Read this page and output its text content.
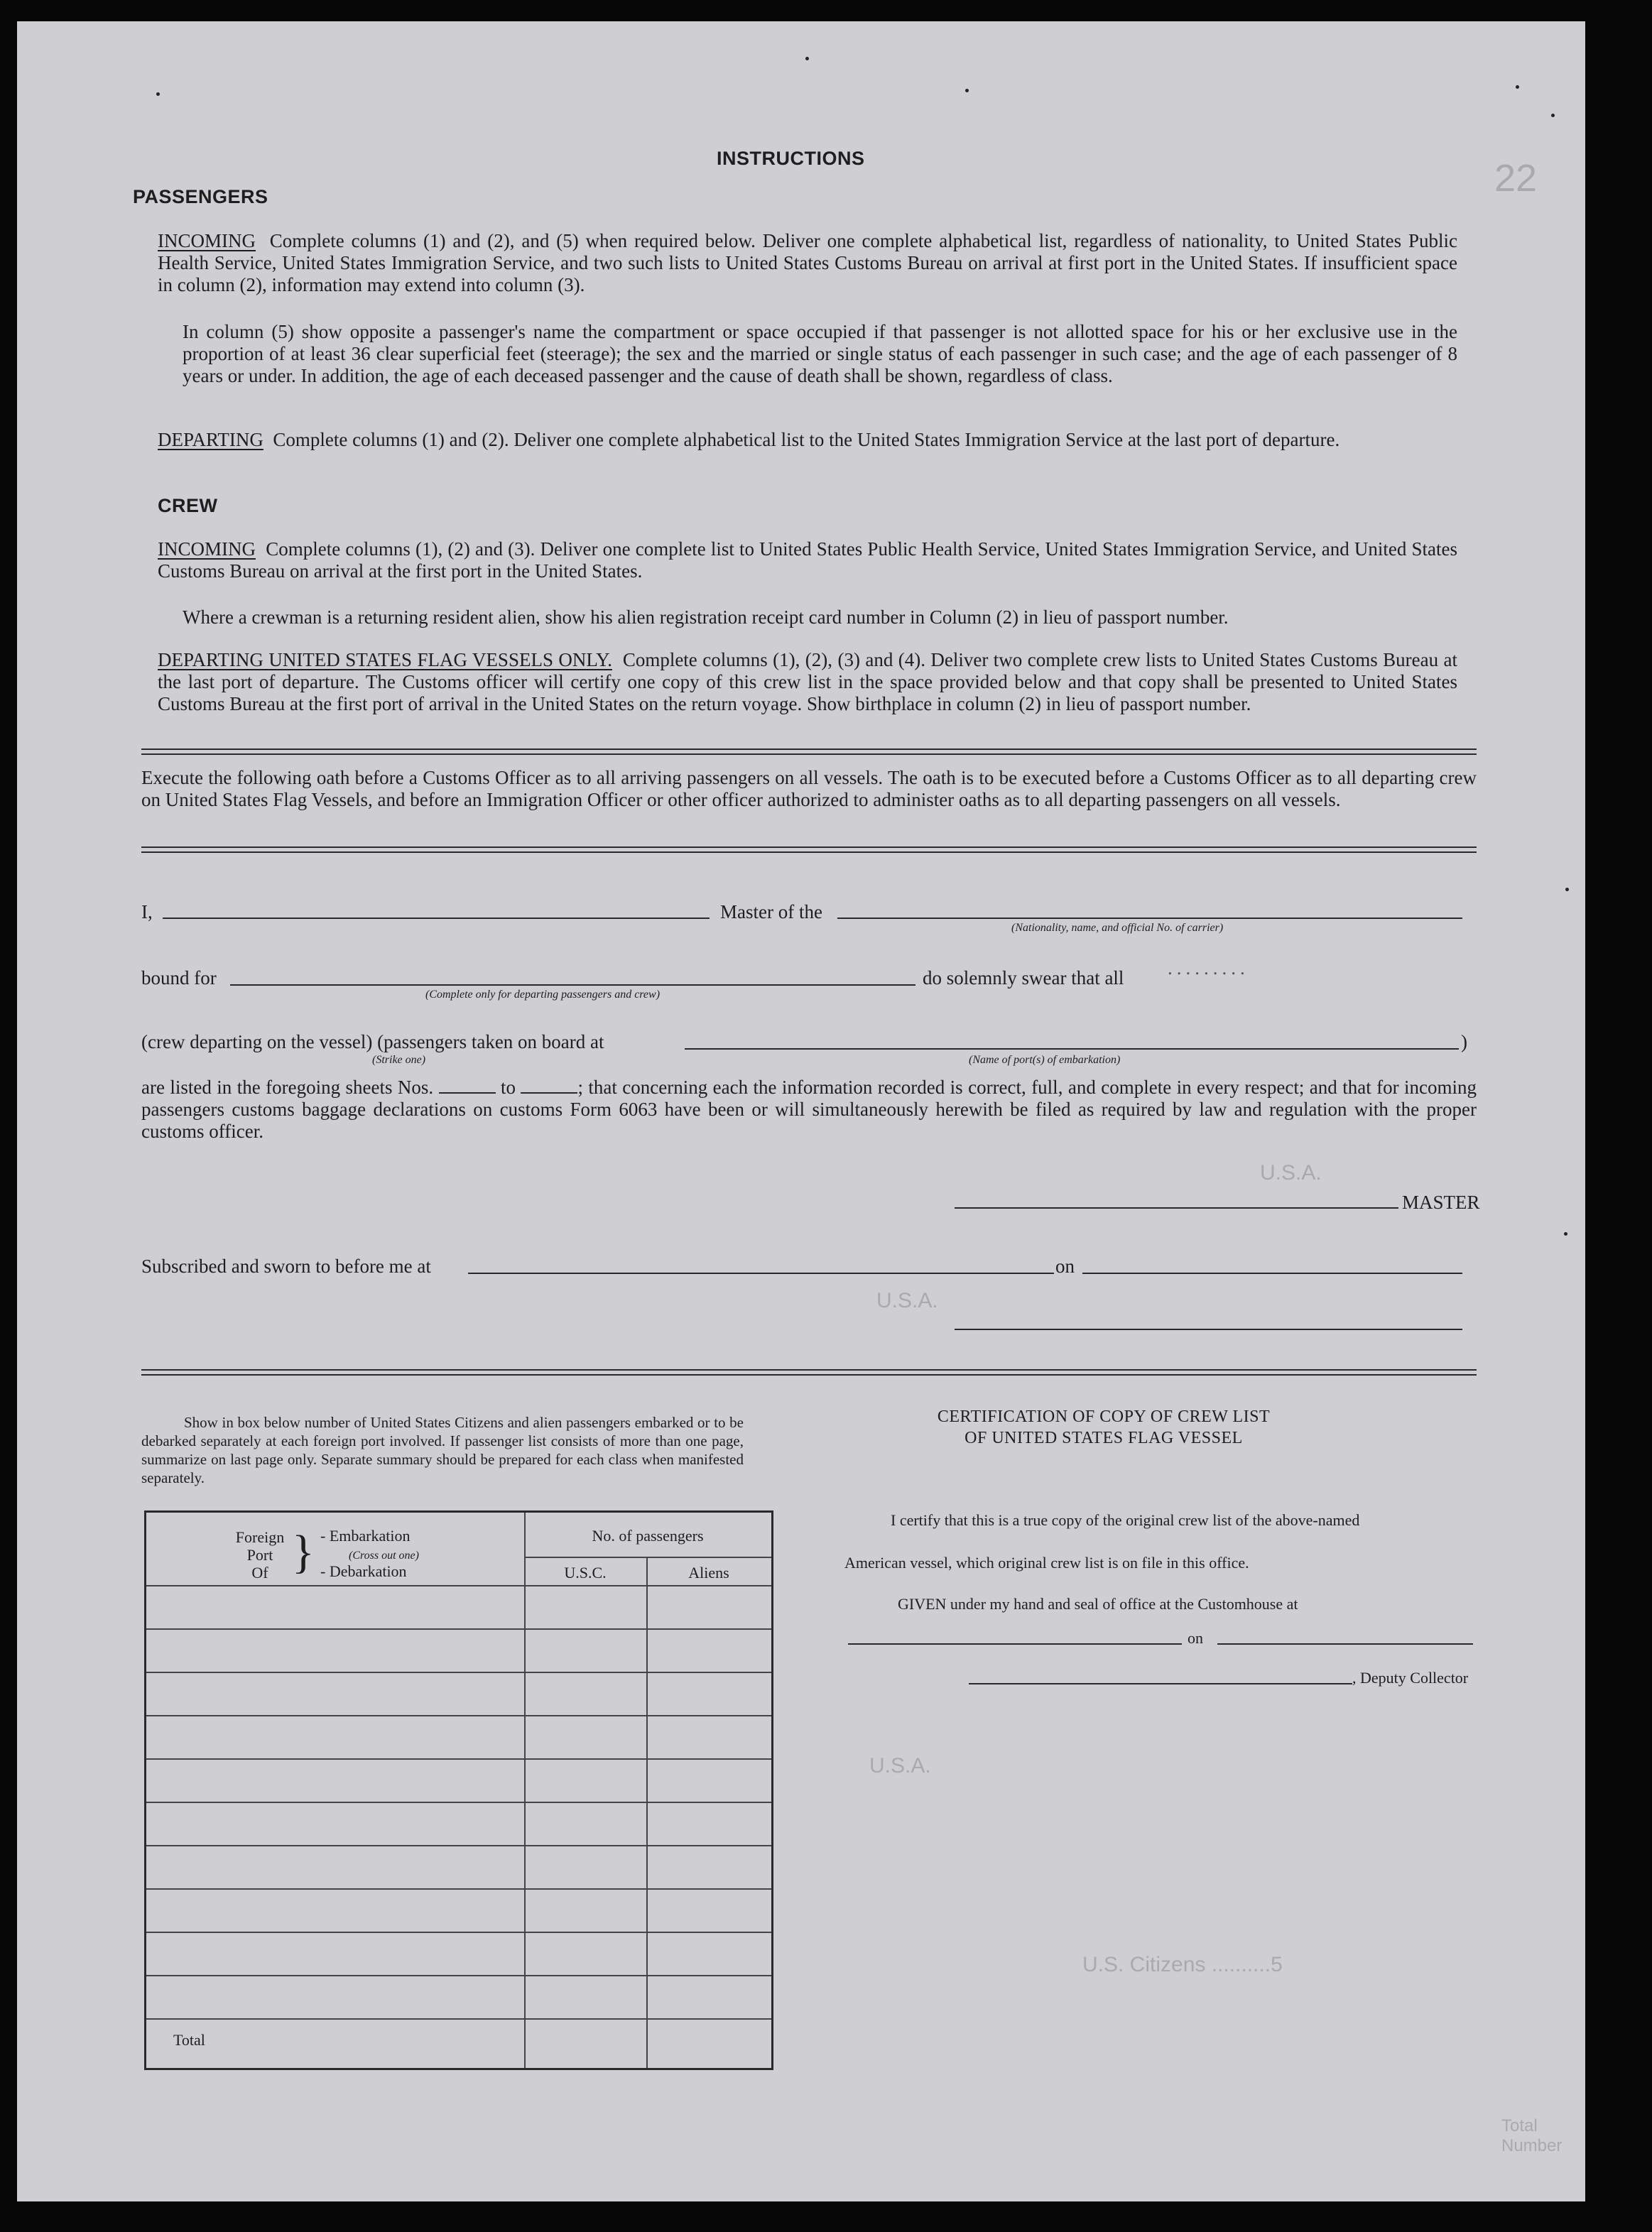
22
U.S.A.
U.S.A.
U.S.A.
U.S. Citizens ..........5
Total Number
INSTRUCTIONS
PASSENGERS
INCOMING Complete columns (1) and (2), and (5) when required below. Deliver one complete alphabetical list, regardless of nationality, to United States Public Health Service, United States Immigration Service, and two such lists to United States Customs Bureau on arrival at first port in the United States. If insufficient space in column (2), information may extend into column (3).
In column (5) show opposite a passenger's name the compartment or space occupied if that passenger is not allotted space for his or her exclusive use in the proportion of at least 36 clear superficial feet (steerage); the sex and the married or single status of each passenger in such case; and the age of each passenger of 8 years or under. In addition, the age of each deceased passenger and the cause of death shall be shown, regardless of class.
DEPARTING Complete columns (1) and (2). Deliver one complete alphabetical list to the United States Immigration Service at the last port of departure.
CREW
INCOMING Complete columns (1), (2) and (3). Deliver one complete list to United States Public Health Service, United States Immigration Service, and United States Customs Bureau on arrival at the first port in the United States.
Where a crewman is a returning resident alien, show his alien registration receipt card number in Column (2) in lieu of passport number.
DEPARTING UNITED STATES FLAG VESSELS ONLY. Complete columns (1), (2), (3) and (4). Deliver two complete crew lists to United States Customs Bureau at the last port of departure. The Customs officer will certify one copy of this crew list in the space provided below and that copy shall be presented to United States Customs Bureau at the first port of arrival in the United States on the return voyage. Show birthplace in column (2) in lieu of passport number.
Execute the following oath before a Customs Officer as to all arriving passengers on all vessels. The oath is to be executed before a Customs Officer as to all departing crew on United States Flag Vessels, and before an Immigration Officer or other officer authorized to administer oaths as to all departing passengers on all vessels.
I,	Master of the
(Nationality, name, and official No. of carrier)
bound for
(Complete only for departing passengers and crew)
do solemnly swear that all .........
(crew departing on the vessel) (passengers taken on board at	)
(Strike one)	(Name of port(s) of embarkation)
are listed in the foregoing sheets Nos.	to	; that concerning each the information recorded is correct, full, and complete in every respect; and that for incoming passengers customs baggage declarations on customs Form 6063 have been or will simultaneously herewith be filed as required by law and regulation with the proper customs officer.
MASTER
Subscribed and sworn to before me at	on
Show in box below number of United States Citizens and alien passengers embarked or to be debarked separately at each foreign port involved. If passenger list consists of more than one page, summarize on last page only. Separate summary should be prepared for each class when manifested separately.
Foreign
Port
Of } - Embarkation
(Cross out one)
- Debarkation
No. of passengers
U.S.C.	Aliens
Total
CERTIFICATION OF COPY OF CREW LIST
OF UNITED STATES FLAG VESSEL
I certify that this is a true copy of the original crew list of the above-named
American vessel, which original crew list is on file in this office.
GIVEN under my hand and seal of office at the Customhouse at
on
, Deputy Collector
